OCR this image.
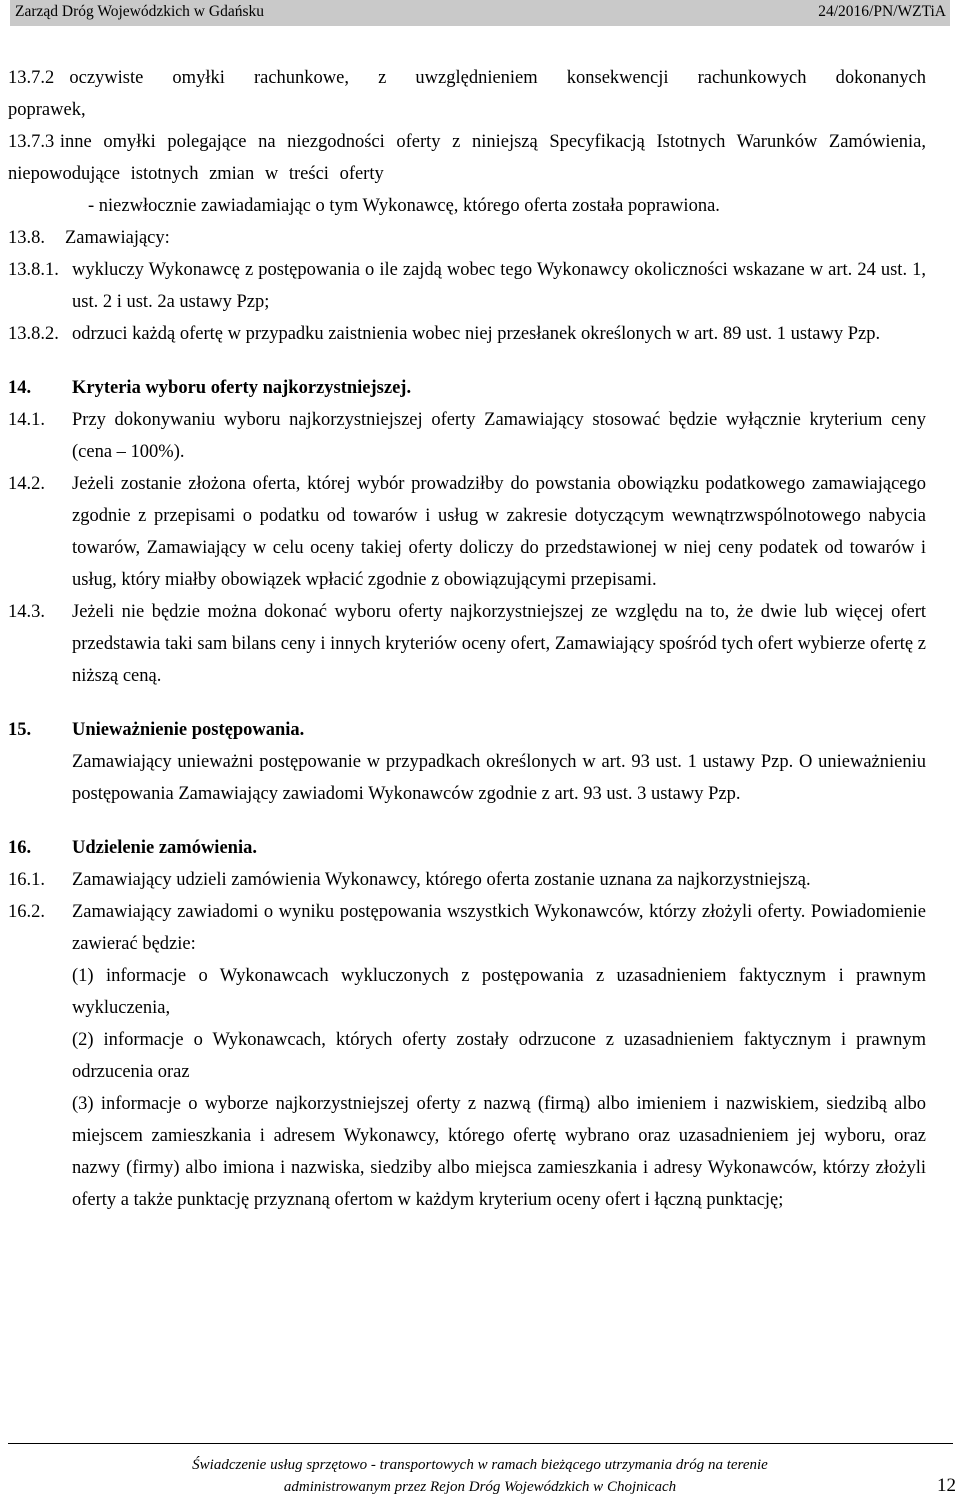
Zarząd Dróg Wojewódzkich w Gdańsku	24/2016/PN/WZTiA
13.7.2 oczywiste omyłki rachunkowe, z uwzględnieniem konsekwencji rachunkowych dokonanych poprawek,
13.7.3 inne omyłki polegające na niezgodności oferty z niniejszą Specyfikacją Istotnych Warunków Zamówienia, niepowodujące istotnych zmian w treści oferty
- niezwłocznie zawiadamiając o tym Wykonawcę, którego oferta została poprawiona.
13.8.	Zamawiający:
13.8.1. wykluczy Wykonawcę z postępowania o ile zajdą wobec tego Wykonawcy okoliczności wskazane w art. 24 ust. 1, ust. 2 i ust. 2a ustawy Pzp;
13.8.2. odrzuci każdą ofertę w przypadku zaistnienia wobec niej przesłanek określonych w art. 89 ust. 1 ustawy Pzp.
14.	Kryteria wyboru oferty najkorzystniejszej.
14.1.	Przy dokonywaniu wyboru najkorzystniejszej oferty Zamawiający stosować będzie wyłącznie kryterium ceny (cena – 100%).
14.2.	Jeżeli zostanie złożona oferta, której wybór prowadziłby do powstania obowiązku podatkowego zamawiającego zgodnie z przepisami o podatku od towarów i usług w zakresie dotyczącym wewnątrzwspólnotowego nabycia towarów, Zamawiający w celu oceny takiej oferty doliczy do przedstawionej w niej ceny podatek od towarów i usług, który miałby obowiązek wpłacić zgodnie z obowiązującymi przepisami.
14.3.	Jeżeli nie będzie można dokonać wyboru oferty najkorzystniejszej ze względu na to, że dwie lub więcej ofert przedstawia taki sam bilans ceny i innych kryteriów oceny ofert, Zamawiający spośród tych ofert wybierze ofertę z niższą ceną.
15.	Unieważnienie postępowania.
Zamawiający unieważni postępowanie w przypadkach określonych w art. 93 ust. 1 ustawy Pzp. O unieważnieniu postępowania Zamawiający zawiadomi Wykonawców zgodnie z art. 93 ust. 3 ustawy Pzp.
16.	Udzielenie zamówienia.
16.1.	Zamawiający udzieli zamówienia Wykonawcy, którego oferta zostanie uznana za najkorzystniejszą.
16.2.	Zamawiający zawiadomi o wyniku postępowania wszystkich Wykonawców, którzy złożyli oferty. Powiadomienie zawierać będzie:
(1) informacje o Wykonawcach wykluczonych z postępowania z uzasadnieniem faktycznym i prawnym wykluczenia,
(2) informacje o Wykonawcach, których oferty zostały odrzucone z uzasadnieniem faktycznym i prawnym odrzucenia oraz
(3) informacje o wyborze najkorzystniejszej oferty z nazwą (firmą) albo imieniem i nazwiskiem, siedzibą albo miejscem zamieszkania i adresem Wykonawcy, którego ofertę wybrano oraz uzasadnieniem jej wyboru, oraz nazwy (firmy) albo imiona i nazwiska, siedziby albo miejsca zamieszkania i adresy Wykonawców, którzy złożyli oferty a także punktację przyznaną ofertom w każdym kryterium oceny ofert i łączną punktację;
Świadczenie usług sprzętowo - transportowych w ramach bieżącego utrzymania dróg na terenie
administrowanym przez Rejon Dróg Wojewódzkich w Chojnicach	12
